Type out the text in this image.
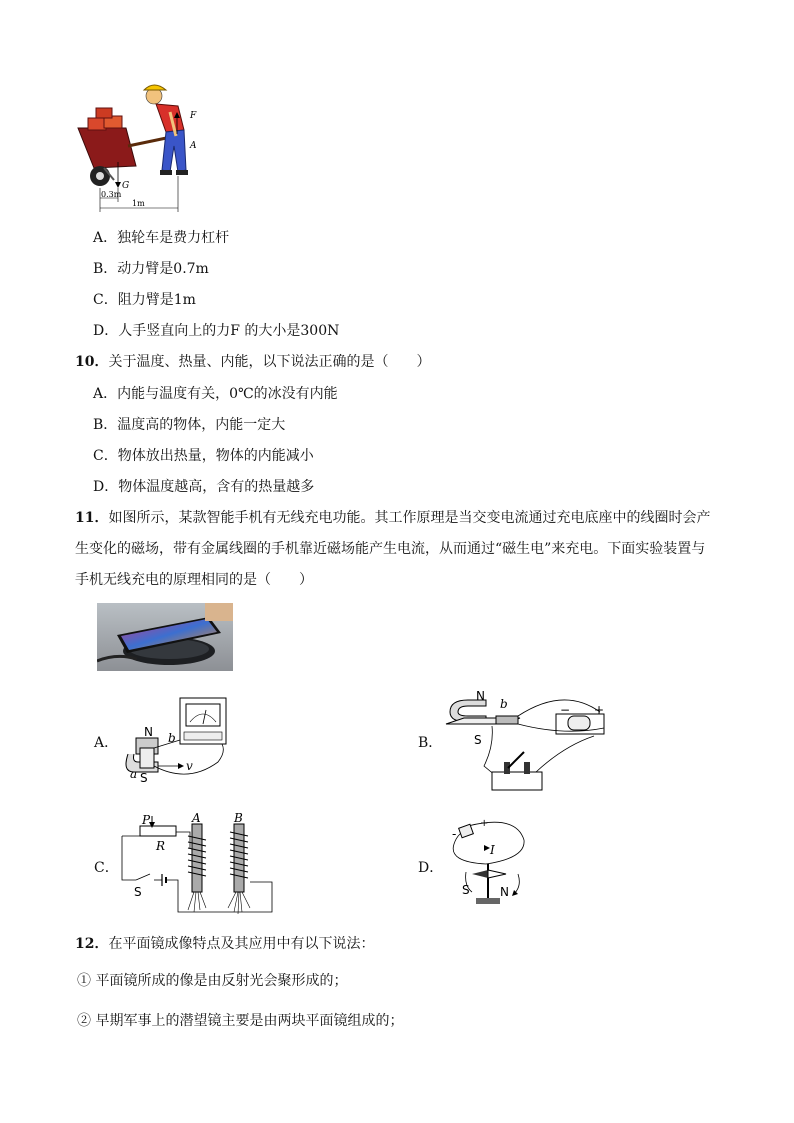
F
A
G
0.3m
1m
A．独轮车是费力杠杆
B．动力臂是0.7m
C．阻力臂是1m
D．人手竖直向上的力F 的大小是300N
10．关于温度、热量、内能，以下说法正确的是（　　）
A．内能与温度有关，0℃的冰没有内能
B．温度高的物体，内能一定大
C．物体放出热量，物体的内能减小
D．物体温度越高，含有的热量越多
11．如图所示，某款智能手机有无线充电功能。其工作原理是当交变电流通过充电底座中的线圈时会产
生变化的磁场，带有金属线圈的手机靠近磁场能产生电流，从而通过“磁生电”来充电。下面实验装置与
手机无线充电的原理相同的是（　　）
A．
N b
a S
v
B．
N
b
S
− +
C．
P
R
S
A	B
D．
-
+
I
S	N
12．在平面镜成像特点及其应用中有以下说法：
① 平面镜所成的像是由反射光会聚形成的；
② 早期军事上的潜望镜主要是由两块平面镜组成的；
